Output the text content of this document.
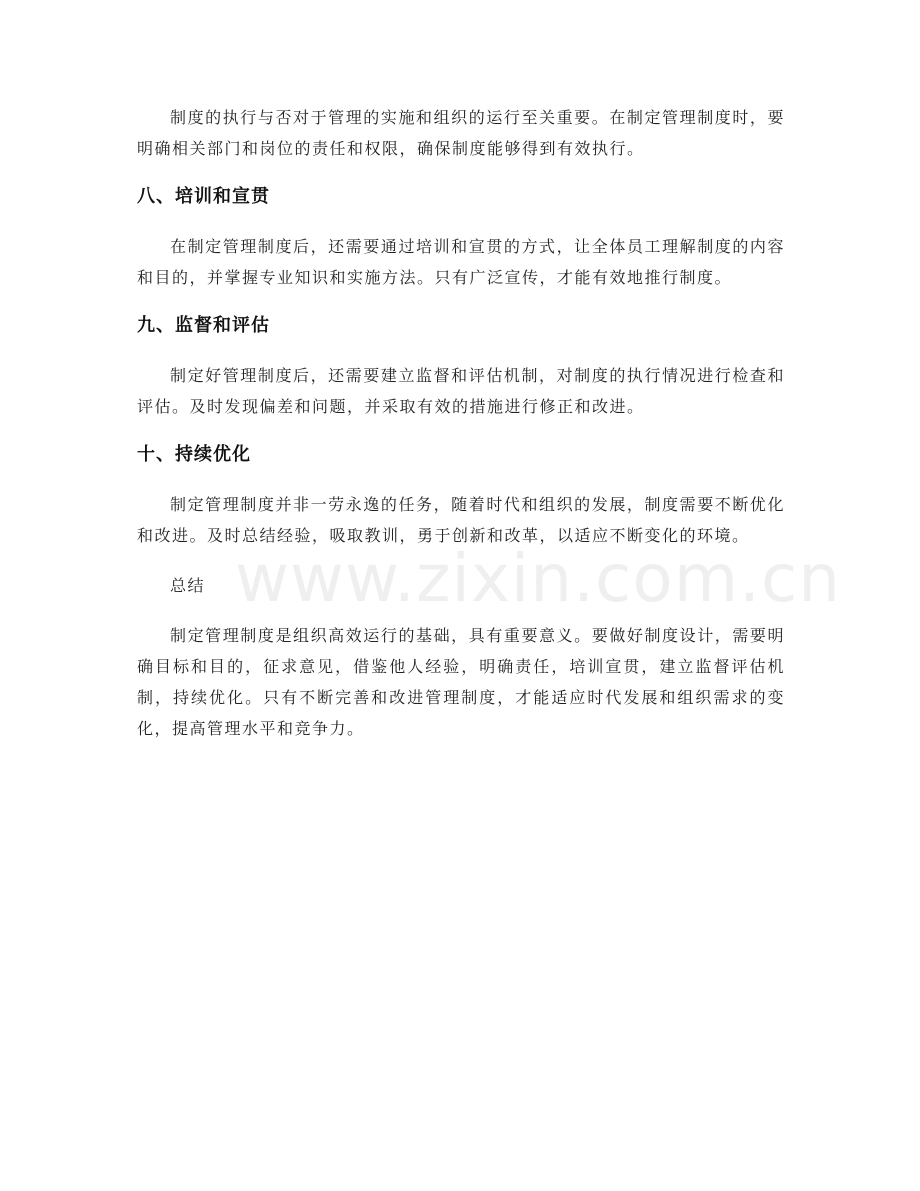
制度的执行与否对于管理的实施和组织的运行至关重要。在制定管理制度时，要明确相关部门和岗位的责任和权限，确保制度能够得到有效执行。

八、培训和宣贯

在制定管理制度后，还需要通过培训和宣贯的方式，让全体员工理解制度的内容和目的，并掌握专业知识和实施方法。只有广泛宣传，才能有效地推行制度。

九、监督和评估

制定好管理制度后，还需要建立监督和评估机制，对制度的执行情况进行检查和评估。及时发现偏差和问题，并采取有效的措施进行修正和改进。

十、持续优化

制定管理制度并非一劳永逸的任务，随着时代和组织的发展，制度需要不断优化和改进。及时总结经验，吸取教训，勇于创新和改革，以适应不断变化的环境。

总结

制定管理制度是组织高效运行的基础，具有重要意义。要做好制度设计，需要明确目标和目的，征求意见，借鉴他人经验，明确责任，培训宣贯，建立监督评估机制，持续优化。只有不断完善和改进管理制度，才能适应时代发展和组织需求的变化，提高管理水平和竞争力。

www.zixin.com.cn
